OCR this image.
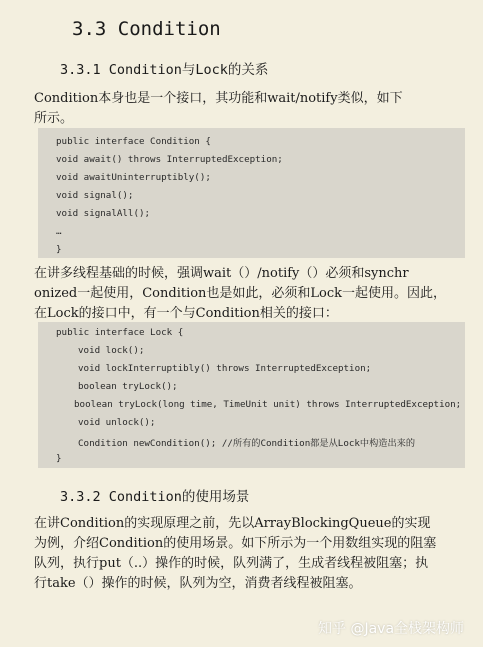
3.3 Condition
3.3.1 Condition与Lock的关系
Condition本身也是一个接口，其功能和wait/notify类似，如下
所示。
public interface Condition {
void await() throws InterruptedException;
void awaitUninterruptibly();
void signal();
void signalAll();
…
}
在讲多线程基础的时候，强调wait（）/notify（）必须和synchr
onized一起使用，Condition也是如此，必须和Lock一起使用。因此，
在Lock的接口中，有一个与Condition相关的接口：
public interface Lock {
void lock();
void lockInterruptibly() throws InterruptedException;
boolean tryLock();
boolean tryLock(long time, TimeUnit unit) throws InterruptedException;
void unlock();
Condition newCondition(); //所有的Condition都是从Lock中构造出来的
}
3.3.2 Condition的使用场景
在讲Condition的实现原理之前，先以ArrayBlockingQueue的实现
为例，介绍Condition的使用场景。如下所示为一个用数组实现的阻塞
队列，执行put（..）操作的时候，队列满了，生成者线程被阻塞；执
行take（）操作的时候，队列为空，消费者线程被阻塞。
知乎 @Java全栈架构师
